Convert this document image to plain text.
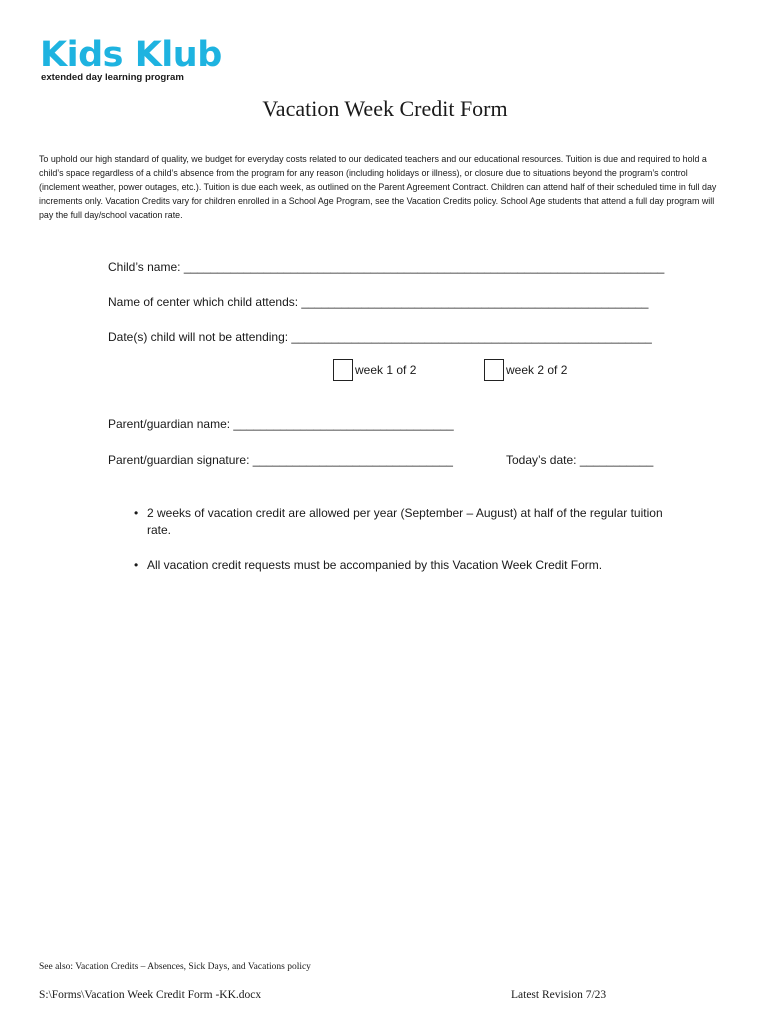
Kids Klub
extended day learning program
Vacation Week Credit Form
To uphold our high standard of quality, we budget for everyday costs related to our dedicated teachers and our educational resources. Tuition is due and required to hold a child’s space regardless of a child’s absence from the program for any reason (including holidays or illness), or closure due to situations beyond the program’s control (inclement weather, power outages, etc.). Tuition is due each week, as outlined on the Parent Agreement Contract. Children can attend half of their scheduled time in full day increments only. Vacation Credits vary for children enrolled in a School Age Program, see the Vacation Credits policy. School Age students that attend a full day program will pay the full day/school vacation rate.
Child’s name: ________________________________________________________________________
Name of center which child attends: ____________________________________________________
Date(s) child will not be attending: ______________________________________________________
week 1 of 2	week 2 of 2
Parent/guardian name: _________________________________
Parent/guardian signature: ______________________________	Today’s date: ___________
• 2 weeks of vacation credit are allowed per year (September – August) at half of the regular tuition rate.
• All vacation credit requests must be accompanied by this Vacation Week Credit Form.
See also: Vacation Credits – Absences, Sick Days, and Vacations policy
S:\Forms\Vacation Week Credit Form -KK.docx	Latest Revision 7/23
